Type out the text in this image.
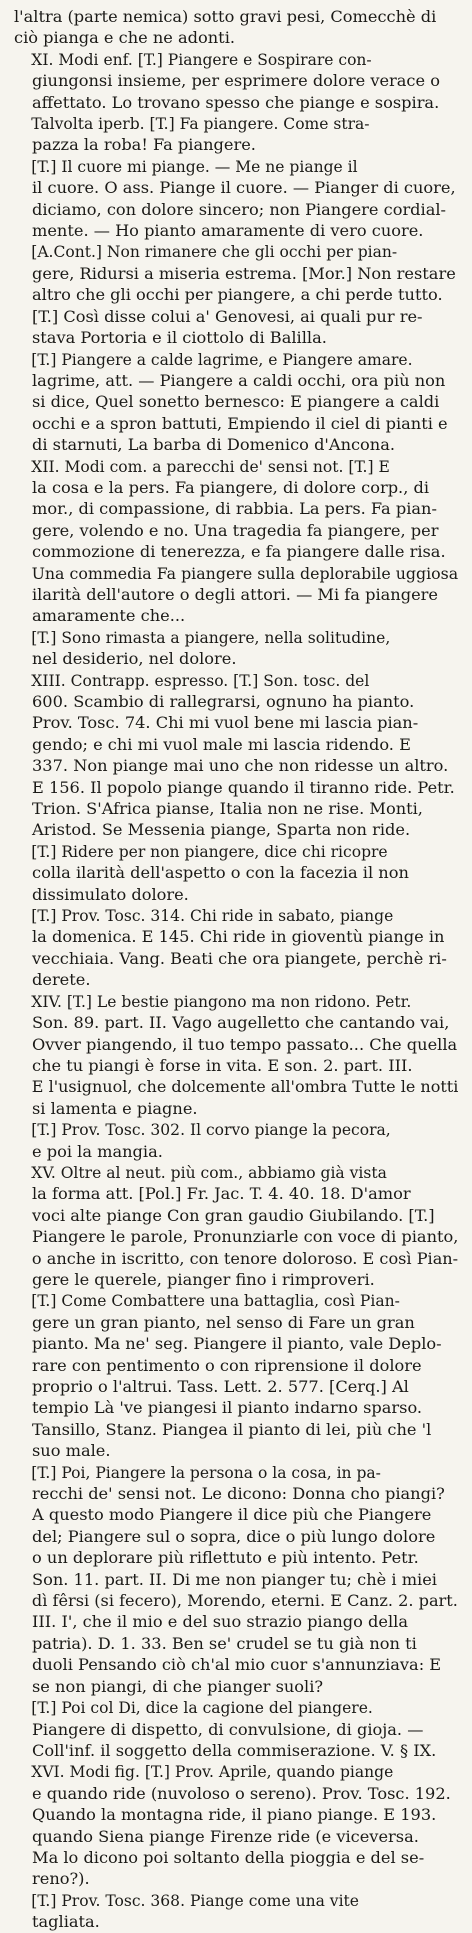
l'altra (parte nemica) sotto gravi pesi, Comecchè di
ciò pianga e che ne adonti.

XI. Modi enf. [T.] Piangere e Sospirare con-
giungonsi insieme, per esprimere dolore verace o
affettato. Lo trovano spesso che piange e sospira.

Talvolta iperb. [T.] Fa piangere. Come stra-
pazza la roba! Fa piangere.

[T.] Il cuore mi piange. — Me ne piange il
il cuore. O ass. Piange il cuore. — Pianger di cuore,
diciamo, con dolore sincero; non Piangere cordial-
mente. — Ho pianto amaramente di vero cuore.

[A.Cont.] Non rimanere che gli occhi per pian-
gere, Ridursi a miseria estrema. [Mor.] Non restare
altro che gli occhi per piangere, a chi perde tutto.
[T.] Così disse colui a' Genovesi, ai quali pur re-
stava Portoria e il ciottolo di Balilla.

[T.] Piangere a calde lagrime, e Piangere amare.
lagrime, att. — Piangere a caldi occhi, ora più non
si dice, Quel sonetto bernesco: E piangere a caldi
occhi e a spron battuti, Empiendo il ciel di pianti e
di starnuti, La barba di Domenico d'Ancona.

XII. Modi com. a parecchi de' sensi not. [T.] E
la cosa e la pers. Fa piangere, di dolore corp., di
mor., di compassione, di rabbia. La pers. Fa pian-
gere, volendo e no. Una tragedia fa piangere, per
commozione di tenerezza, e fa piangere dalle risa.
Una commedia Fa piangere sulla deplorabile uggiosa
ilarità dell'autore o degli attori. — Mi fa piangere
amaramente che...

[T.] Sono rimasta a piangere, nella solitudine,
nel desiderio, nel dolore.

XIII. Contrapp. espresso. [T.] Son. tosc. del
600. Scambio di rallegrarsi, ognuno ha pianto.
Prov. Tosc. 74. Chi mi vuol bene mi lascia pian-
gendo; e chi mi vuol male mi lascia ridendo. E
337. Non piange mai uno che non ridesse un altro.
E 156. Il popolo piange quando il tiranno ride. Petr.
Trion. S'Africa pianse, Italia non ne rise. Monti,
Aristod. Se Messenia piange, Sparta non ride.

[T.] Ridere per non piangere, dice chi ricopre
colla ilarità dell'aspetto o con la facezia il non
dissimulato dolore.

[T.] Prov. Tosc. 314. Chi ride in sabato, piange
la domenica. E 145. Chi ride in gioventù piange in
vecchiaia. Vang. Beati che ora piangete, perchè ri-
derete.

XIV. [T.] Le bestie piangono ma non ridono. Petr.
Son. 89. part. II. Vago augelletto che cantando vai,
Ovver piangendo, il tuo tempo passato... Che quella
che tu piangi è forse in vita. E son. 2. part. III.
E l'usignuol, che dolcemente all'ombra Tutte le notti
si lamenta e piagne.

[T.] Prov. Tosc. 302. Il corvo piange la pecora,
e poi la mangia.

XV. Oltre al neut. più com., abbiamo già vista
la forma att. [Pol.] Fr. Jac. T. 4. 40. 18. D'amor
voci alte piange Con gran gaudio Giubilando. [T.]
Piangere le parole, Pronunziarle con voce di pianto,
o anche in iscritto, con tenore doloroso. E così Pian-
gere le querele, pianger fino i rimproveri.

[T.] Come Combattere una battaglia, così Pian-
gere un gran pianto, nel senso di Fare un gran
pianto. Ma ne' seg. Piangere il pianto, vale Deplo-
rare con pentimento o con riprensione il dolore
proprio o l'altrui. Tass. Lett. 2. 577. [Cerq.] Al
tempio Là 've piangesi il pianto indarno sparso.
Tansillo, Stanz. Piangea il pianto di lei, più che 'l
suo male.

[T.] Poi, Piangere la persona o la cosa, in pa-
recchi de' sensi not. Le dicono: Donna cho piangi?
A questo modo Piangere il dice più che Piangere
del; Piangere sul o sopra, dice o più lungo dolore
o un deplorare più riflettuto e più intento. Petr.
Son. 11. part. II. Di me non pianger tu; chè i miei
dì fêrsi (si fecero), Morendo, eterni. E Canz. 2. part.
III. I', che il mio e del suo strazio piango della
patria). D. 1. 33. Ben se' crudel se tu già non ti
duoli Pensando ciò ch'al mio cuor s'annunziava: E
se non piangi, di che pianger suoli?

[T.] Poi col Di, dice la cagione del piangere.
Piangere di dispetto, di convulsione, di gioja. —
Coll'inf. il soggetto della commiserazione. V. § IX.

XVI. Modi fig. [T.] Prov. Aprile, quando piange
e quando ride (nuvoloso o sereno). Prov. Tosc. 192.
Quando la montagna ride, il piano piange. E 193.
quando Siena piange Firenze ride (e viceversa.
Ma lo dicono poi soltanto della pioggia e del se-
reno?).

[T.] Prov. Tosc. 368. Piange come una vite
tagliata.
